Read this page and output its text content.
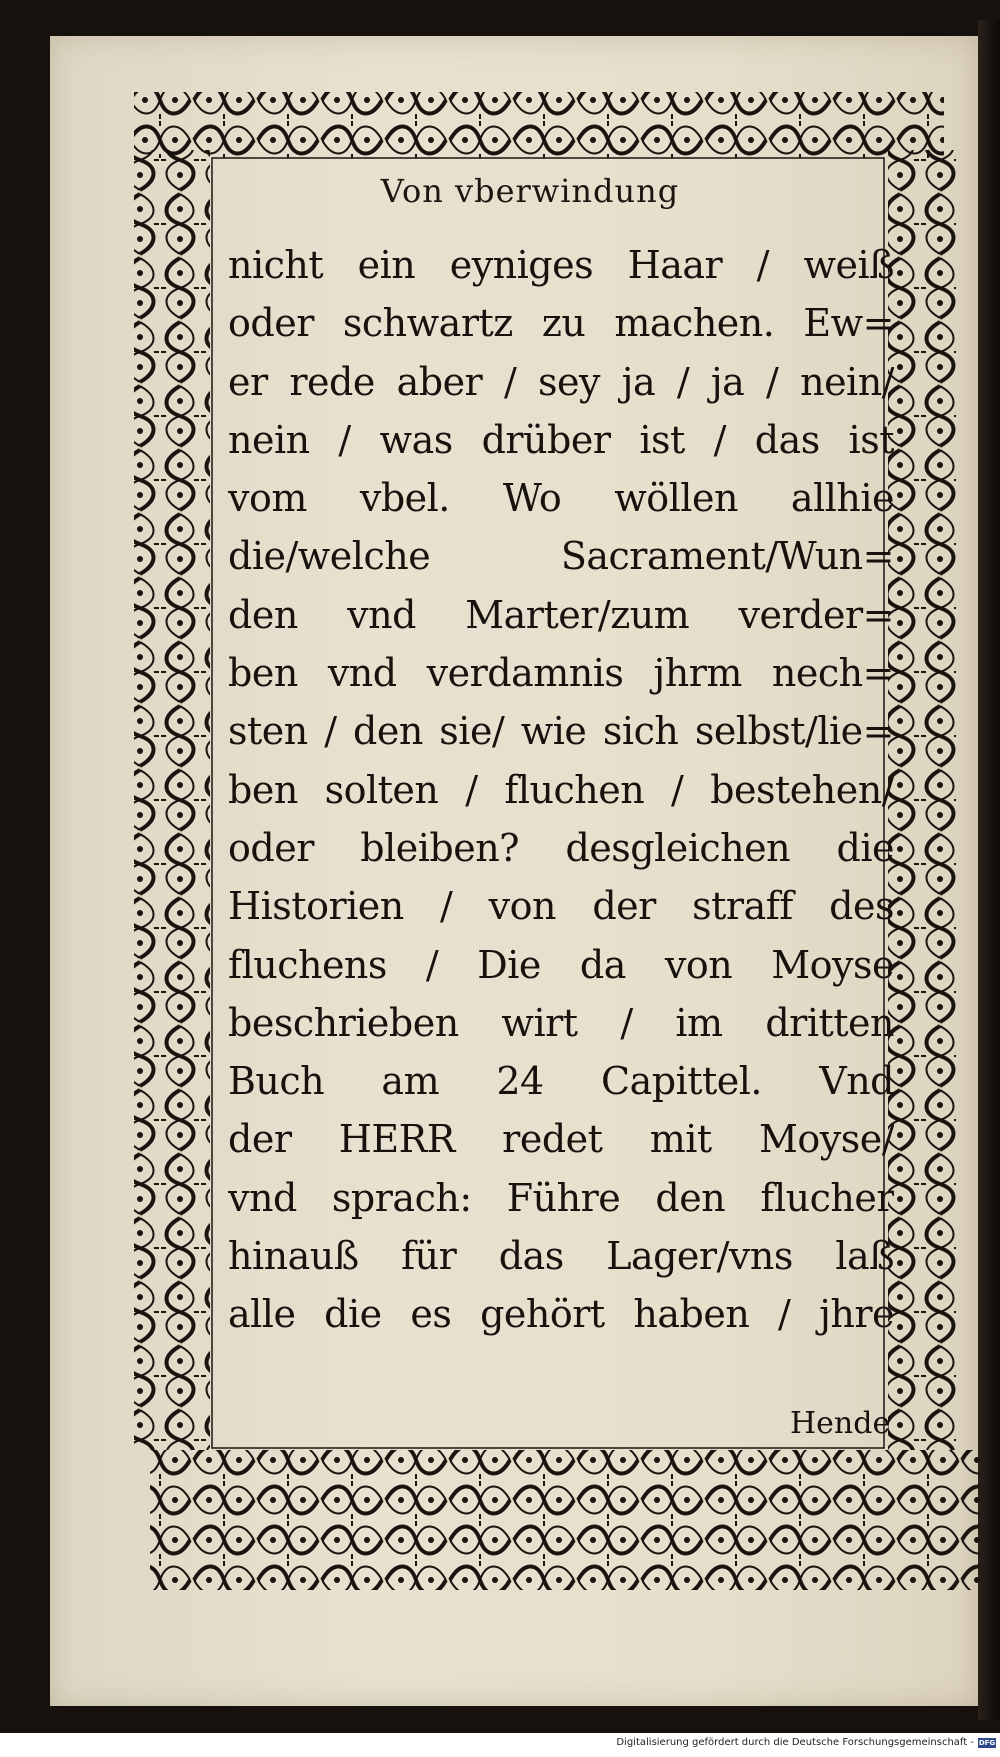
Von vberwindung
nicht ein eyniges Haar / weiß
oder schwartz zu machen. Ew=
er rede aber / sey ja / ja / nein/
nein / was drüber ist / das ist
vom vbel. Wo wöllen allhie
die/welche Sacrament/Wun=
den vnd Marter/zum verder=
ben vnd verdamnis jhrm nech=
sten / den sie/ wie sich selbst/lie=
ben solten / fluchen / bestehen/
oder bleiben? desgleichen die
Historien / von der straff des
fluchens / Die da von Moyse
beschrieben wirt / im dritten
Buch am 24 Capittel. Vnd
der HERR redet mit Moyse/
vnd sprach: Führe den flucher
hinauß für das Lager/vns laß
alle die es gehört haben / jhre
Hende
Digitalisierung gefördert durch die Deutsche Forschungsgemeinschaft - DFG
